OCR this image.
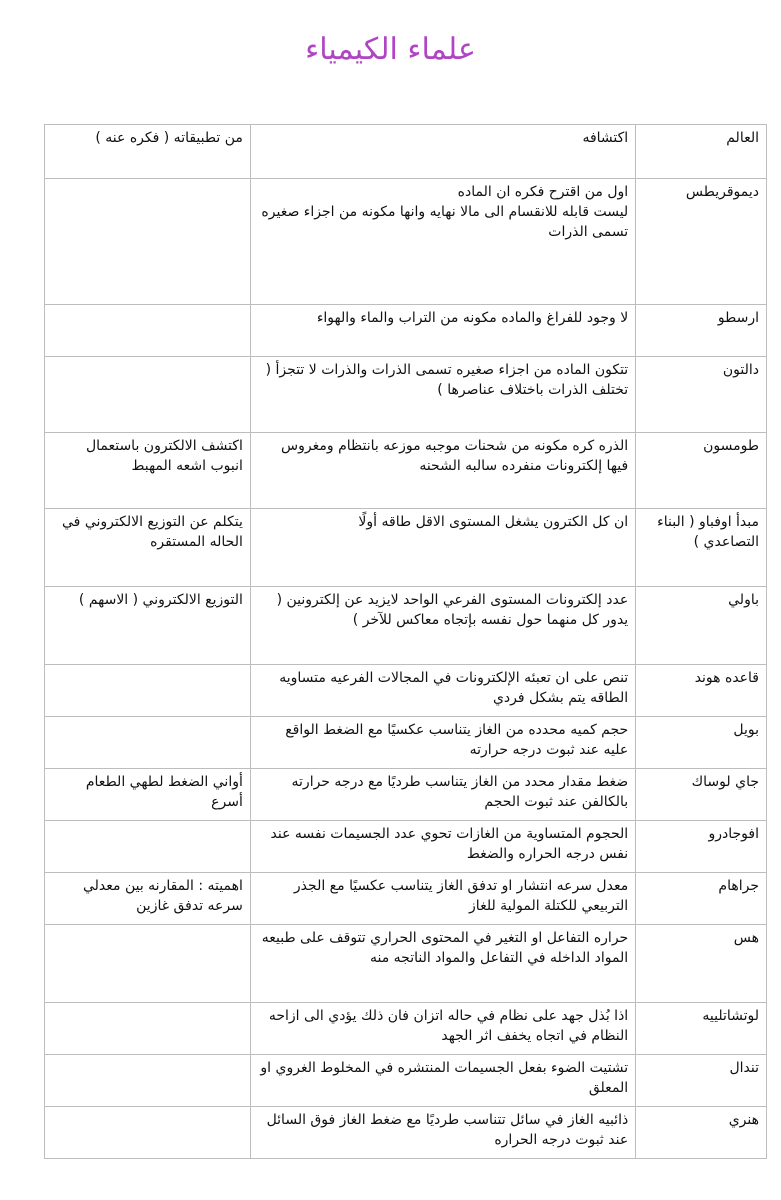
علماء الكيمياء
العالم	اكتشافه	من تطبيقاته ( فكره عنه )
ديموقريطس	اول من اقترح فكره ان الماده
ليست قابله للانقسام الى مالا نهايه وانها مكونه من اجزاء صغيره تسمى الذرات	
ارسطو	لا وجود للفراغ والماده مكونه من التراب والماء والهواء	
دالتون	تتكون الماده من اجزاء صغيره تسمى الذرات والذرات لا تتجزأ ( تختلف الذرات باختلاف عناصرها )	
طومسون	الذره كره مكونه من شحنات موجبه موزعه بانتظام ومغروس فيها إلكترونات منفرده سالبه الشحنه	اكتشف الالكترون باستعمال انبوب اشعه المهبط
مبدأ اوفباو ( البناء التصاعدي )	ان كل الكترون يشغل المستوى الاقل طاقه أولًا	يتكلم عن التوزيع الالكتروني في الحاله المستقره
باولي	عدد إلكترونات المستوى الفرعي الواحد لايزيد عن إلكترونين ( يدور كل منهما حول نفسه بإتجاه معاكس للآخر )	التوزيع الالكتروني ( الاسهم )
قاعده هوند	تنص على ان تعبئه الإلكترونات في المجالات الفرعيه متساويه الطاقه يتم بشكل فردي	
بويل	حجم كميه محدده من الغاز يتناسب عكسيًا مع الضغط الواقع عليه عند ثبوت درجه حرارته	
جاي لوساك	ضغط مقدار محدد من الغاز يتناسب طرديًا مع درجه حرارته بالكالفن عند ثبوت الحجم	أواني الضغط لطهي الطعام أسرع
افوجادرو	الحجوم المتساوية من الغازات تحوي عدد الجسيمات نفسه عند نفس درجه الحراره والضغط	
جراهام	معدل سرعه انتشار او تدفق الغاز يتناسب عكسيًا مع الجذر التربيعي للكتلة المولية للغاز	اهميته : المقارنه بين معدلي سرعه تدفق غازين
هس	حراره التفاعل او التغير في المحتوى الحراري تتوقف على طبيعه المواد الداخله في التفاعل والمواد الناتجه منه	
لوتشاتلييه	اذا بُذل جهد على نظام في حاله اتزان فان ذلك يؤدي الى ازاحه النظام في اتجاه يخفف اثر الجهد	
تندال	تشتيت الضوء بفعل الجسيمات المنتشره في المخلوط الغروي او المعلق	
هنري	ذائبيه الغاز في سائل تتناسب طرديًا مع ضغط الغاز فوق السائل عند ثبوت درجه الحراره	
